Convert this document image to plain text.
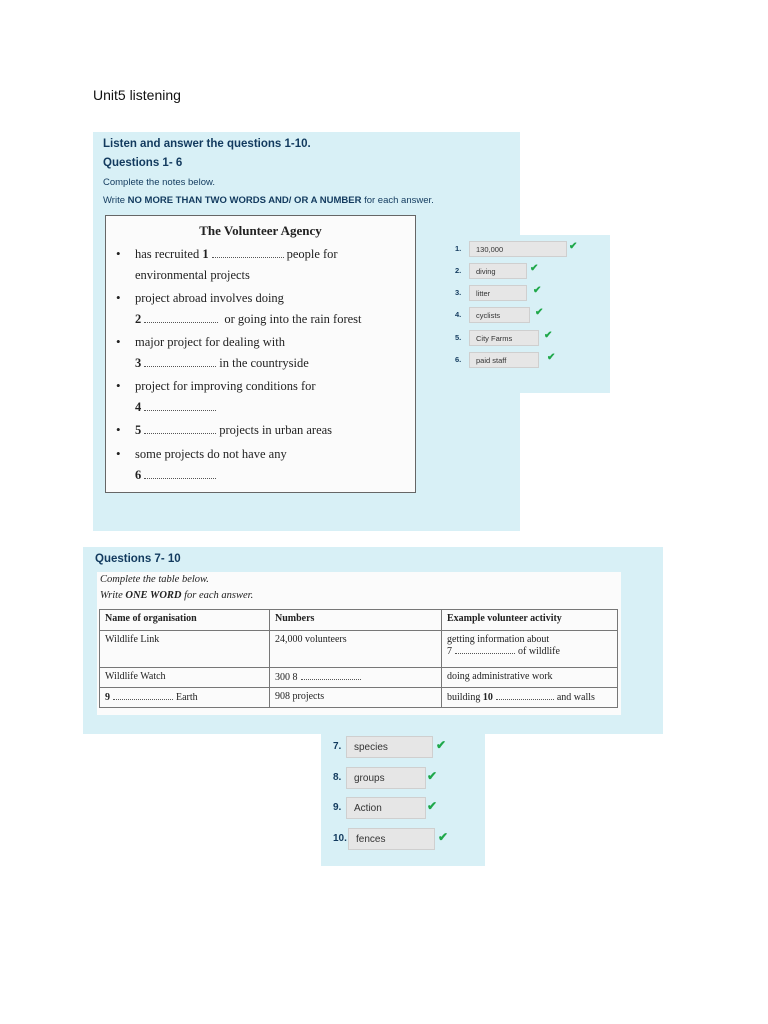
Unit5 listening
Listen and answer the questions 1-10.
Questions 1- 6
Complete the notes below.
Write NO MORE THAN TWO WORDS AND/ OR A NUMBER for each answer.
The Volunteer Agency
• has recruited 1	people for
environmental projects
• project abroad involves doing
2	or going into the rain forest
• major project for dealing with
3	in the countryside
• project for improving conditions for
4
• 5	projects in urban areas
• some projects do not have any
6
1.	130,000	✔
2.	diving	✔
3.	litter	✔
4.	cyclists	✔
5.	City Farms	✔
6.	paid staff	✔
Questions 7- 10
Complete the table below.
Write ONE WORD for each answer.
Name of organisation	Numbers	Example volunteer activity
Wildlife Link	24,000 volunteers	getting information about
7 of wildlife

Wildlife Watch	300 8	doing administrative work
9 Earth	908 projects	building 10 and walls
7.	species	✔
8.	groups	✔
9.	Action	✔
10. fences	✔
